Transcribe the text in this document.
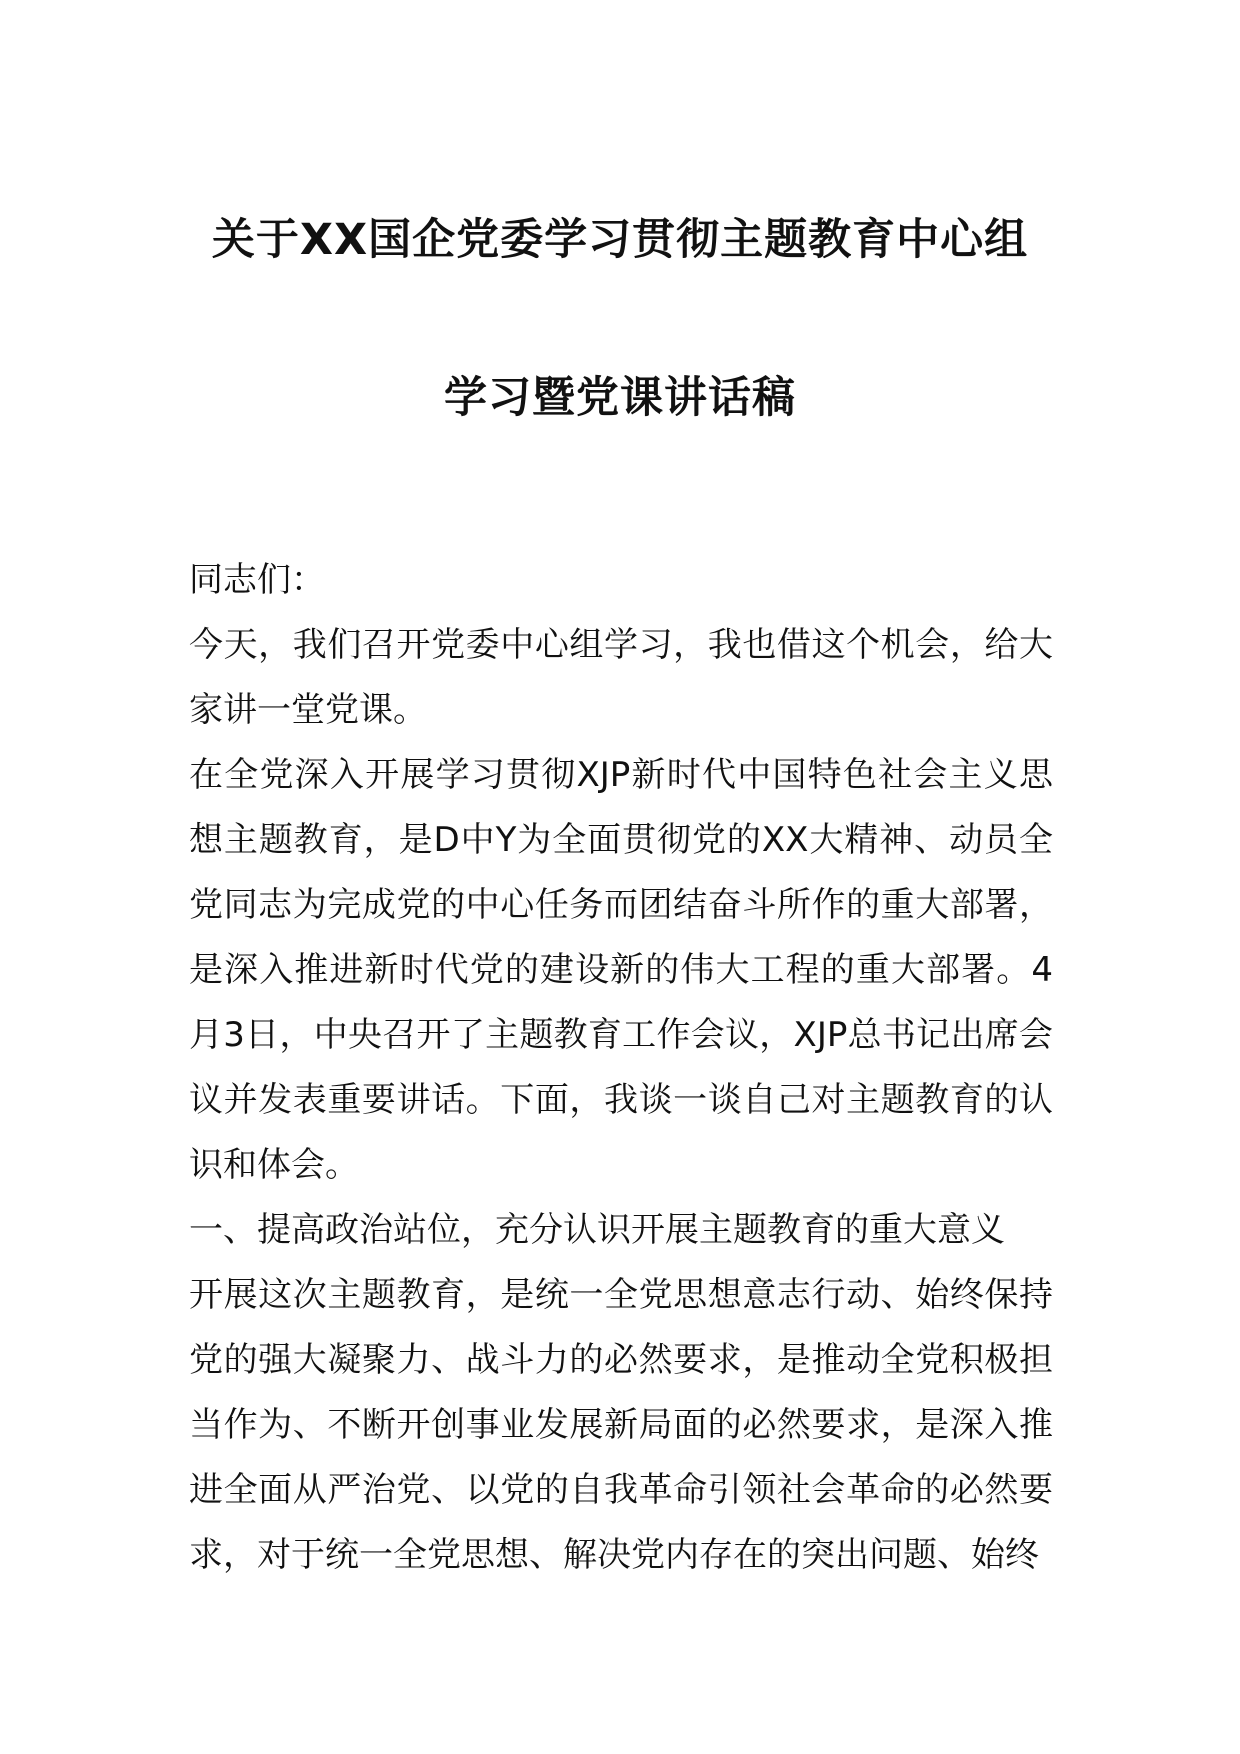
关于XX国企党委学习贯彻主题教育中心组
学习暨党课讲话稿

同志们：

今天，我们召开党委中心组学习，我也借这个机会，给大家讲一堂党课。

在全党深入开展学习贯彻XJP新时代中国特色社会主义思想主题教育，是D中Y为全面贯彻党的XX大精神、动员全党同志为完成党的中心任务而团结奋斗所作的重大部署，是深入推进新时代党的建设新的伟大工程的重大部署。4月3日，中央召开了主题教育工作会议，XJP总书记出席会议并发表重要讲话。下面，我谈一谈自己对主题教育的认识和体会。

一、提高政治站位，充分认识开展主题教育的重大意义

开展这次主题教育，是统一全党思想意志行动、始终保持党的强大凝聚力、战斗力的必然要求，是推动全党积极担当作为、不断开创事业发展新局面的必然要求，是深入推进全面从严治党、以党的自我革命引领社会革命的必然要求，对于统一全党思想、解决党内存在的突出问题、始终
